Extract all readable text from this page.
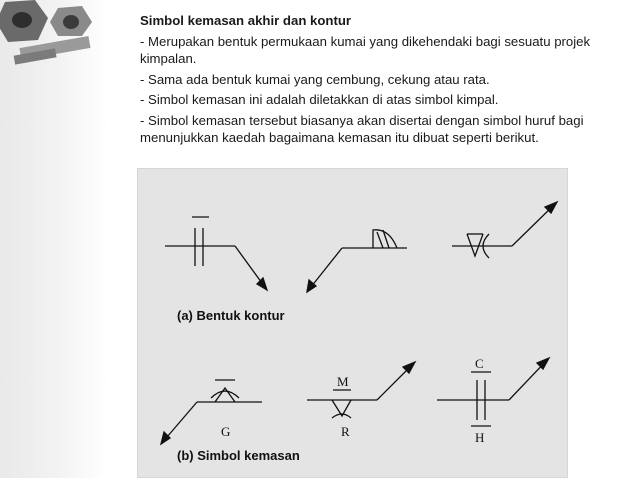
Simbol kemasan akhir dan kontur

- Merupakan bentuk permukaan kumai yang dikehendaki bagi sesuatu projek kimpalan.

- Sama ada bentuk kumai yang cembung, cekung atau rata.

- Simbol kemasan ini adalah diletakkan di atas simbol kimpal.

- Simbol kemasan tersebut biasanya akan disertai dengan simbol huruf bagi menunjukkan kaedah bagaimana kemasan itu dibuat seperti berikut.

(a) Bentuk kontur
(b) Simbol kemasan
G
M
R
C
H
